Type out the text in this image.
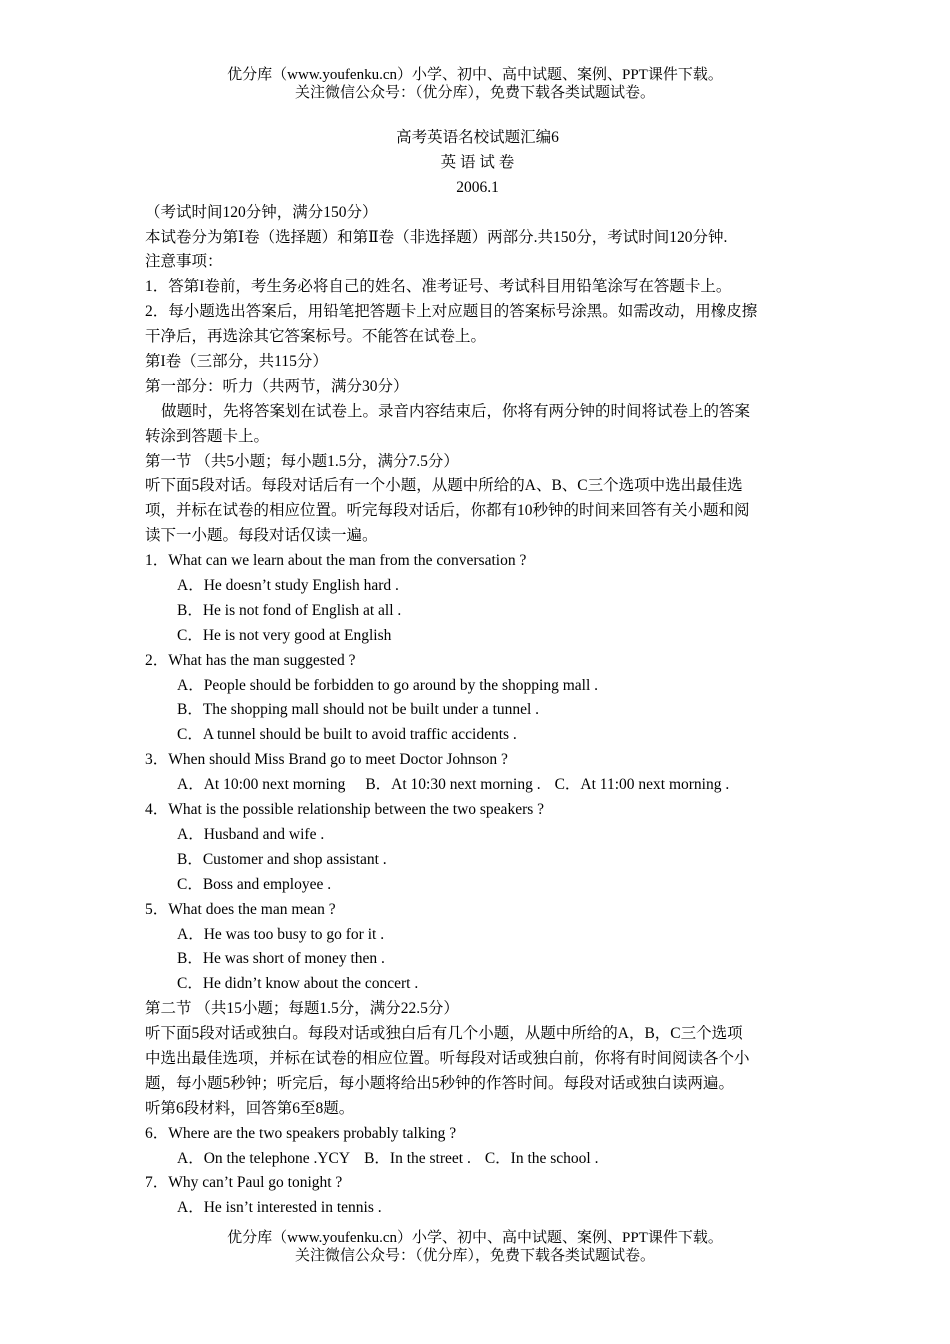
优分库（www.youfenku.cn）小学、初中、高中试题、案例、PPT课件下载。
关注微信公众号：（优分库），免费下载各类试题试卷。
高考英语名校试题汇编6
英 语 试 卷
2006.1
（考试时间120分钟，满分150分）
本试卷分为第Ⅰ卷（选择题）和第Ⅱ卷（非选择题）两部分.共150分，考试时间120分钟.
注意事项：
1．答第I卷前，考生务必将自己的姓名、准考证号、考试科目用铅笔涂写在答题卡上。
2．每小题选出答案后，用铅笔把答题卡上对应题目的答案标号涂黑。如需改动，用橡皮擦
干净后，再选涂其它答案标号。不能答在试卷上。
第I卷（三部分，共115分）
第一部分：听力（共两节，满分30分）
做题时，先将答案划在试卷上。录音内容结束后，你将有两分钟的时间将试卷上的答案
转涂到答题卡上。
第一节 （共5小题；每小题1.5分，满分7.5分）
听下面5段对话。每段对话后有一个小题，从题中所给的A、B、C三个选项中选出最佳选
项，并标在试卷的相应位置。听完每段对话后，你都有10秒钟的时间来回答有关小题和阅
读下一小题。每段对话仅读一遍。
1．What can we learn about the man from the conversation ?
A．He doesn’t study English hard .
B．He is not fond of English at all .
C．He is not very good at English
2．What has the man suggested ?
A．People should be forbidden to go around by the shopping mall .
B．The shopping mall should not be built under a tunnel .
C．A tunnel should be built to avoid traffic accidents .
3．When should Miss Brand go to meet Doctor Johnson ?
A．At 10:00 next morning B．At 10:30 next morning . C．At 11:00 next morning .
4．What is the possible relationship between the two speakers ?
A．Husband and wife .
B．Customer and shop assistant .
C．Boss and employee .
5．What does the man mean ?
A．He was too busy to go for it .
B．He was short of money then .
C．He didn’t know about the concert .
第二节 （共15小题；每题1.5分，满分22.5分）
听下面5段对话或独白。每段对话或独白后有几个小题，从题中所给的A，B，C三个选项
中选出最佳选项，并标在试卷的相应位置。听每段对话或独白前，你将有时间阅读各个小
题，每小题5秒钟；听完后，每小题将给出5秒钟的作答时间。每段对话或独白读两遍。
听第6段材料，回答第6至8题。
6．Where are the two speakers probably talking ?
A．On the telephone .YCY B．In the street . C．In the school .
7．Why can’t Paul go tonight ?
A．He isn’t interested in tennis .
优分库（www.youfenku.cn）小学、初中、高中试题、案例、PPT课件下载。
关注微信公众号：（优分库），免费下载各类试题试卷。
